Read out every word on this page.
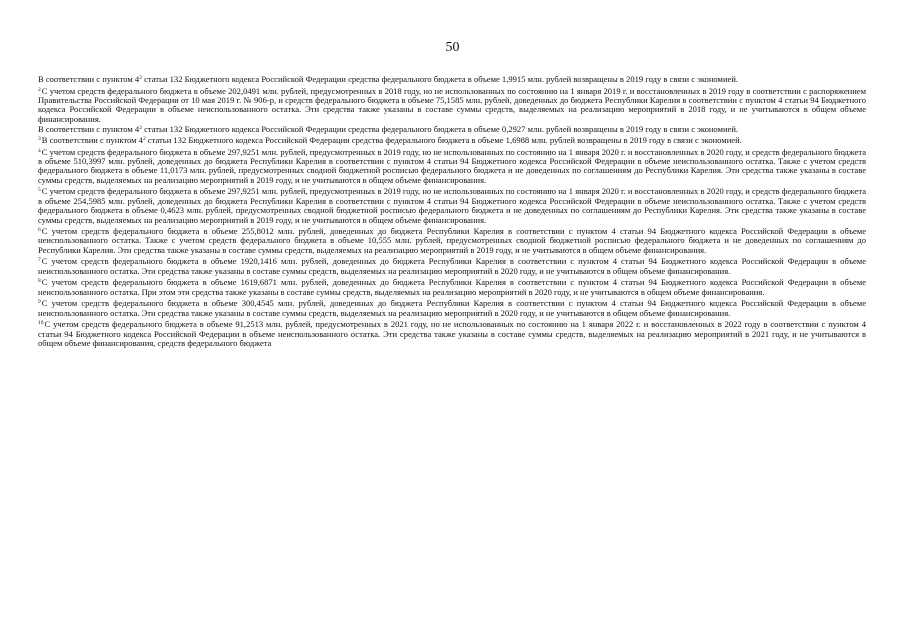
50

В соответствии с пунктом $4^2$ статьи 132 Бюджетного кодекса Российской Федерации средства федерального бюджета в объеме 1,9915 млн. рублей возвращены в 2019 году в связи с экономией.

$^2$С учетом средств федерального бюджета в объеме 202,0491 млн. рублей, предусмотренных в 2018 году, но не использованных по состоянию на 1 января 2019 г. и восстановленных в 2019 году в соответствии с распоряжением Правительства Российской Федерации от 10 мая 2019 г. № 906-р, и средств федерального бюджета в объеме 75,1585 млн. рублей, доведенных до бюджета Республики Карелия в соответствии с пунктом 4 статьи 94 Бюджетного кодекса Российской Федерации в объеме неиспользованного остатка. Эти средства также указаны в составе суммы средств, выделяемых на реализацию мероприятий в 2018 году, и не учитываются в общем объеме финансирования.

В соответствии с пунктом $4^2$ статьи 132 Бюджетного кодекса Российской Федерации средства федерального бюджета в объеме 0,2927 млн. рублей возвращены в 2019 году в связи с экономией.

$^3$В соответствии с пунктом $4^2$ статьи 132 Бюджетного кодекса Российской Федерации средства федерального бюджета в объеме 1,6988 млн. рублей возвращены в 2019 году в связи с экономией.

$^4$С учетом средств федерального бюджета в объеме 297,9251 млн. рублей, предусмотренных в 2019 году, но не использованных по состоянию на 1 января 2020 г. и восстановленных в 2020 году, и средств федерального бюджета в объеме 510,3997 млн. рублей, доведенных до бюджета Республики Карелия в соответствии с пунктом 4 статьи 94 Бюджетного кодекса Российской Федерации в объеме неиспользованного остатка. Также с учетом средств федерального бюджета в объеме 11,0173 млн. рублей, предусмотренных сводной бюджетной росписью федерального бюджета и не доведенных по соглашениям до Республики Карелия. Эти средства также указаны в составе суммы средств, выделяемых на реализацию мероприятий в 2019 году, и не учитываются в общем объеме финансирования.

$^5$С учетом средств федерального бюджета в объеме 297,9251 млн. рублей, предусмотренных в 2019 году, но не использованных по состоянию на 1 января 2020 г. и восстановленных в 2020 году, и средств федерального бюджета в объеме 254,5985 млн. рублей, доведенных до бюджета Республики Карелия в соответствии с пунктом 4 статьи 94 Бюджетного кодекса Российской Федерации в объеме неиспользованного остатка. Также с учетом средств федерального бюджета в объеме 0,4623 млн. рублей, предусмотренных сводной бюджетной росписью федерального бюджета и не доведенных по соглашениям до Республики Карелия. Эти средства также указаны в составе суммы средств, выделяемых на реализацию мероприятий в 2019 году, и не учитываются в общем объеме финансирования.

$^6$С учетом средств федерального бюджета в объеме 255,8012 млн. рублей, доведенных до бюджета Республики Карелия в соответствии с пунктом 4 статьи 94 Бюджетного кодекса Российской Федерации в объеме неиспользованного остатка. Также с учетом средств федерального бюджета в объеме 10,555 млн. рублей, предусмотренных сводной бюджетной росписью федерального бюджета и не доведенных по соглашениям до Республики Карелия. Эти средства также указаны в составе суммы средств, выделяемых на реализацию мероприятий в 2019 году, и не учитываются в общем объеме финансирования.

$^7$С учетом средств федерального бюджета в объеме 1920,1416 млн. рублей, доведенных до бюджета Республики Карелия в соответствии с пунктом 4 статьи 94 Бюджетного кодекса Российской Федерации в объеме неиспользованного остатка. Эти средства также указаны в составе суммы средств, выделяемых на реализацию мероприятий в 2020 году, и не учитываются в общем объеме финансирования.

$^8$С учетом средств федерального бюджета в объеме 1619,6871 млн. рублей, доведенных до бюджета Республики Карелия в соответствии с пунктом 4 статьи 94 Бюджетного кодекса Российской Федерации в объеме неиспользованного остатка. При этом эти средства также указаны в составе суммы средств, выделяемых на реализацию мероприятий в 2020 году, и не учитываются в общем объеме финансирования.

$^9$С учетом средств федерального бюджета в объеме 300,4545 млн. рублей, доведенных до бюджета Республики Карелия в соответствии с пунктом 4 статьи 94 Бюджетного кодекса Российской Федерации в объеме неиспользованного остатка. Эти средства также указаны в составе суммы средств, выделяемых на реализацию мероприятий в 2020 году, и не учитываются в общем объеме финансирования.

$^{10}$С учетом средств федерального бюджета в объеме 91,2513 млн. рублей, предусмотренных в 2021 году, но не использованных по состоянию на 1 января 2022 г. и восстановленных в 2022 году в соответствии с пунктом 4 статьи 94 Бюджетного кодекса Российской Федерации в объеме неиспользованного остатка. Эти средства также указаны в составе суммы средств, выделяемых на реализацию мероприятий в 2021 году, и не учитываются в общем объеме финансирования, средств федерального бюджета
